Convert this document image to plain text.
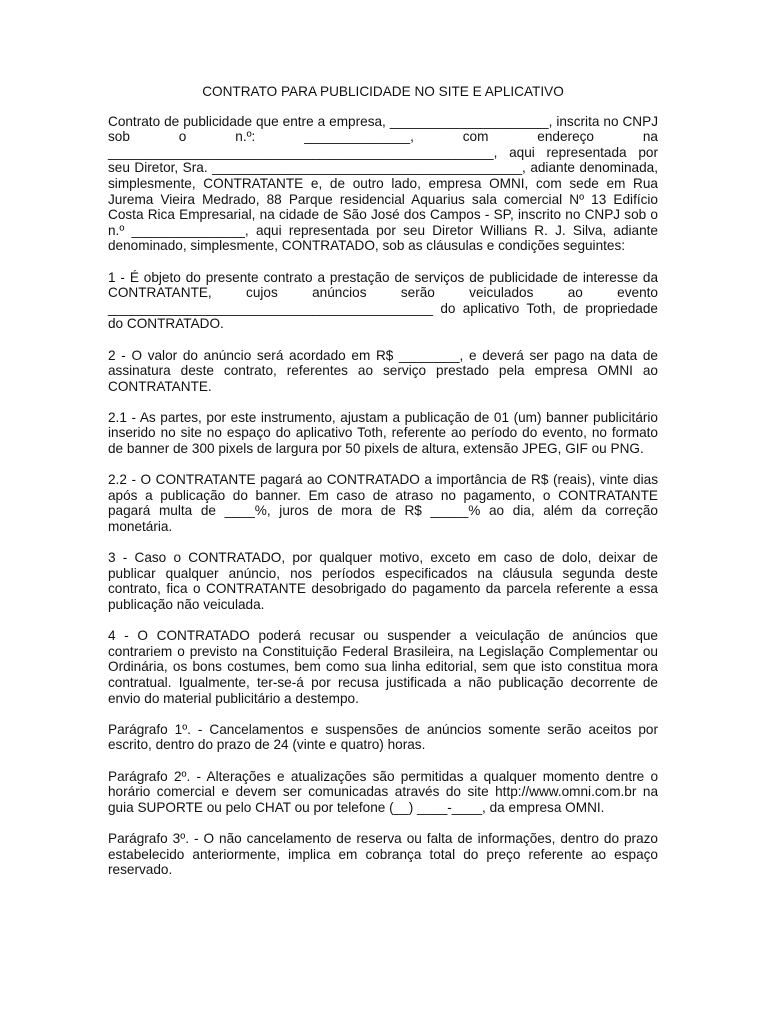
CONTRATO PARA PUBLICIDADE NO SITE E APLICATIVO

Contrato de publicidade que entre a empresa, _____________________, inscrita no CNPJ sob o n.º: ______________, com endereço na ___________________________________________________, aqui representada por seu Diretor, Sra. _________________________________________, adiante denominada, simplesmente, CONTRATANTE e, de outro lado, empresa OMNI, com sede em Rua Jurema Vieira Medrado, 88 Parque residencial Aquarius sala comercial Nº 13 Edifício Costa Rica Empresarial, na cidade de São José dos Campos - SP, inscrito no CNPJ sob o n.º _______________, aqui representada por seu Diretor Willians R. J. Silva, adiante denominado, simplesmente, CONTRATADO, sob as cláusulas e condições seguintes:

1 - É objeto do presente contrato a prestação de serviços de publicidade de interesse da CONTRATANTE, cujos anúncios serão veiculados ao evento ___________________________________________ do aplicativo Toth, de propriedade do CONTRATADO.

2 - O valor do anúncio será acordado em R$ ________, e deverá ser pago na data de assinatura deste contrato, referentes ao serviço prestado pela empresa OMNI ao CONTRATANTE.

2.1 - As partes, por este instrumento, ajustam a publicação de 01 (um) banner publicitário inserido no site no espaço do aplicativo Toth, referente ao período do evento, no formato de banner de 300 pixels de largura por 50 pixels de altura, extensão JPEG, GIF ou PNG.

2.2 - O CONTRATANTE pagará ao CONTRATADO a importância de R$ (reais), vinte dias após a publicação do banner. Em caso de atraso no pagamento, o CONTRATANTE pagará multa de ____%, juros de mora de R$ _____% ao dia, além da correção monetária.

3 - Caso o CONTRATADO, por qualquer motivo, exceto em caso de dolo, deixar de publicar qualquer anúncio, nos períodos especificados na cláusula segunda deste contrato, fica o CONTRATANTE desobrigado do pagamento da parcela referente a essa publicação não veiculada.

4 - O CONTRATADO poderá recusar ou suspender a veiculação de anúncios que contrariem o previsto na Constituição Federal Brasileira, na Legislação Complementar ou Ordinária, os bons costumes, bem como sua linha editorial, sem que isto constitua mora contratual. Igualmente, ter-se-á por recusa justificada a não publicação decorrente de envio do material publicitário a destempo.

Parágrafo 1º. - Cancelamentos e suspensões de anúncios somente serão aceitos por escrito, dentro do prazo de 24 (vinte e quatro) horas.

Parágrafo 2º. - Alterações e atualizações são permitidas a qualquer momento dentre o horário comercial e devem ser comunicadas através do site http://www.omni.com.br na guia SUPORTE ou pelo CHAT ou por telefone (__) ____-____, da empresa OMNI.

Parágrafo 3º. - O não cancelamento de reserva ou falta de informações, dentro do prazo estabelecido anteriormente, implica em cobrança total do preço referente ao espaço reservado.
